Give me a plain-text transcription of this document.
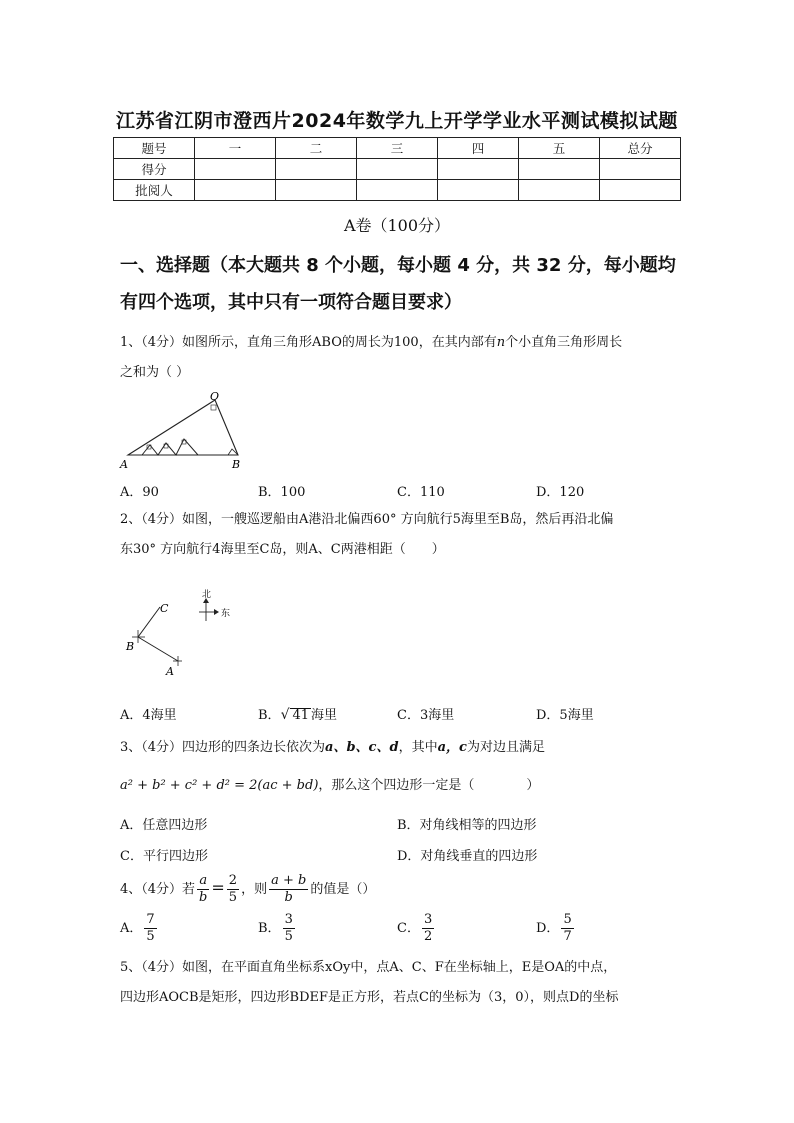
江苏省江阴市澄西片2024年数学九上开学学业水平测试模拟试题
题号	一	二	三	四	五	总分
得分						
批阅人						
A卷（100分）
一、选择题（本大题共 8 个小题，每小题 4 分，共 32 分，每小题均
有四个选项，其中只有一项符合题目要求）
1、（4分）如图所示，直角三角形ABO的周长为100，在其内部有n个小直角三角形周长
之和为（ ）
O
A	B
A．90	B．100	C．110	D．120
2、（4分）如图，一艘巡逻船由A港沿北偏西60° 方向航行5海里至B岛，然后再沿北偏
东30° 方向航行4海里至C岛，则A、C两港相距（　　）
C
B
A
北
东
A．4海里	B．√ 41 海里	C．3海里	D．5海里
3、（4分）四边形的四条边长依次为a、b、c、d，其中a，c为对边且满足
a² + b² + c² + d² = 2(ac + bd)，那么这个四边形一定是（　　　　）
A．任意四边形	B．对角线相等的四边形
C．平行四边形	D．对角线垂直的四边形
4、（4分）若 $\frac{a}{b} = \frac{2}{5}$ ，则 $\frac{a + b}{b}$ 的值是（）
A． $\frac{7}{5}$	B． $\frac{3}{5}$	C． $\frac{3}{2}$	D． $\frac{5}{7}$
5、（4分）如图，在平面直角坐标系xOy中，点A、C、F在坐标轴上，E是OA的中点，
四边形AOCB是矩形，四边形BDEF是正方形，若点C的坐标为（3，0），则点D的坐标
